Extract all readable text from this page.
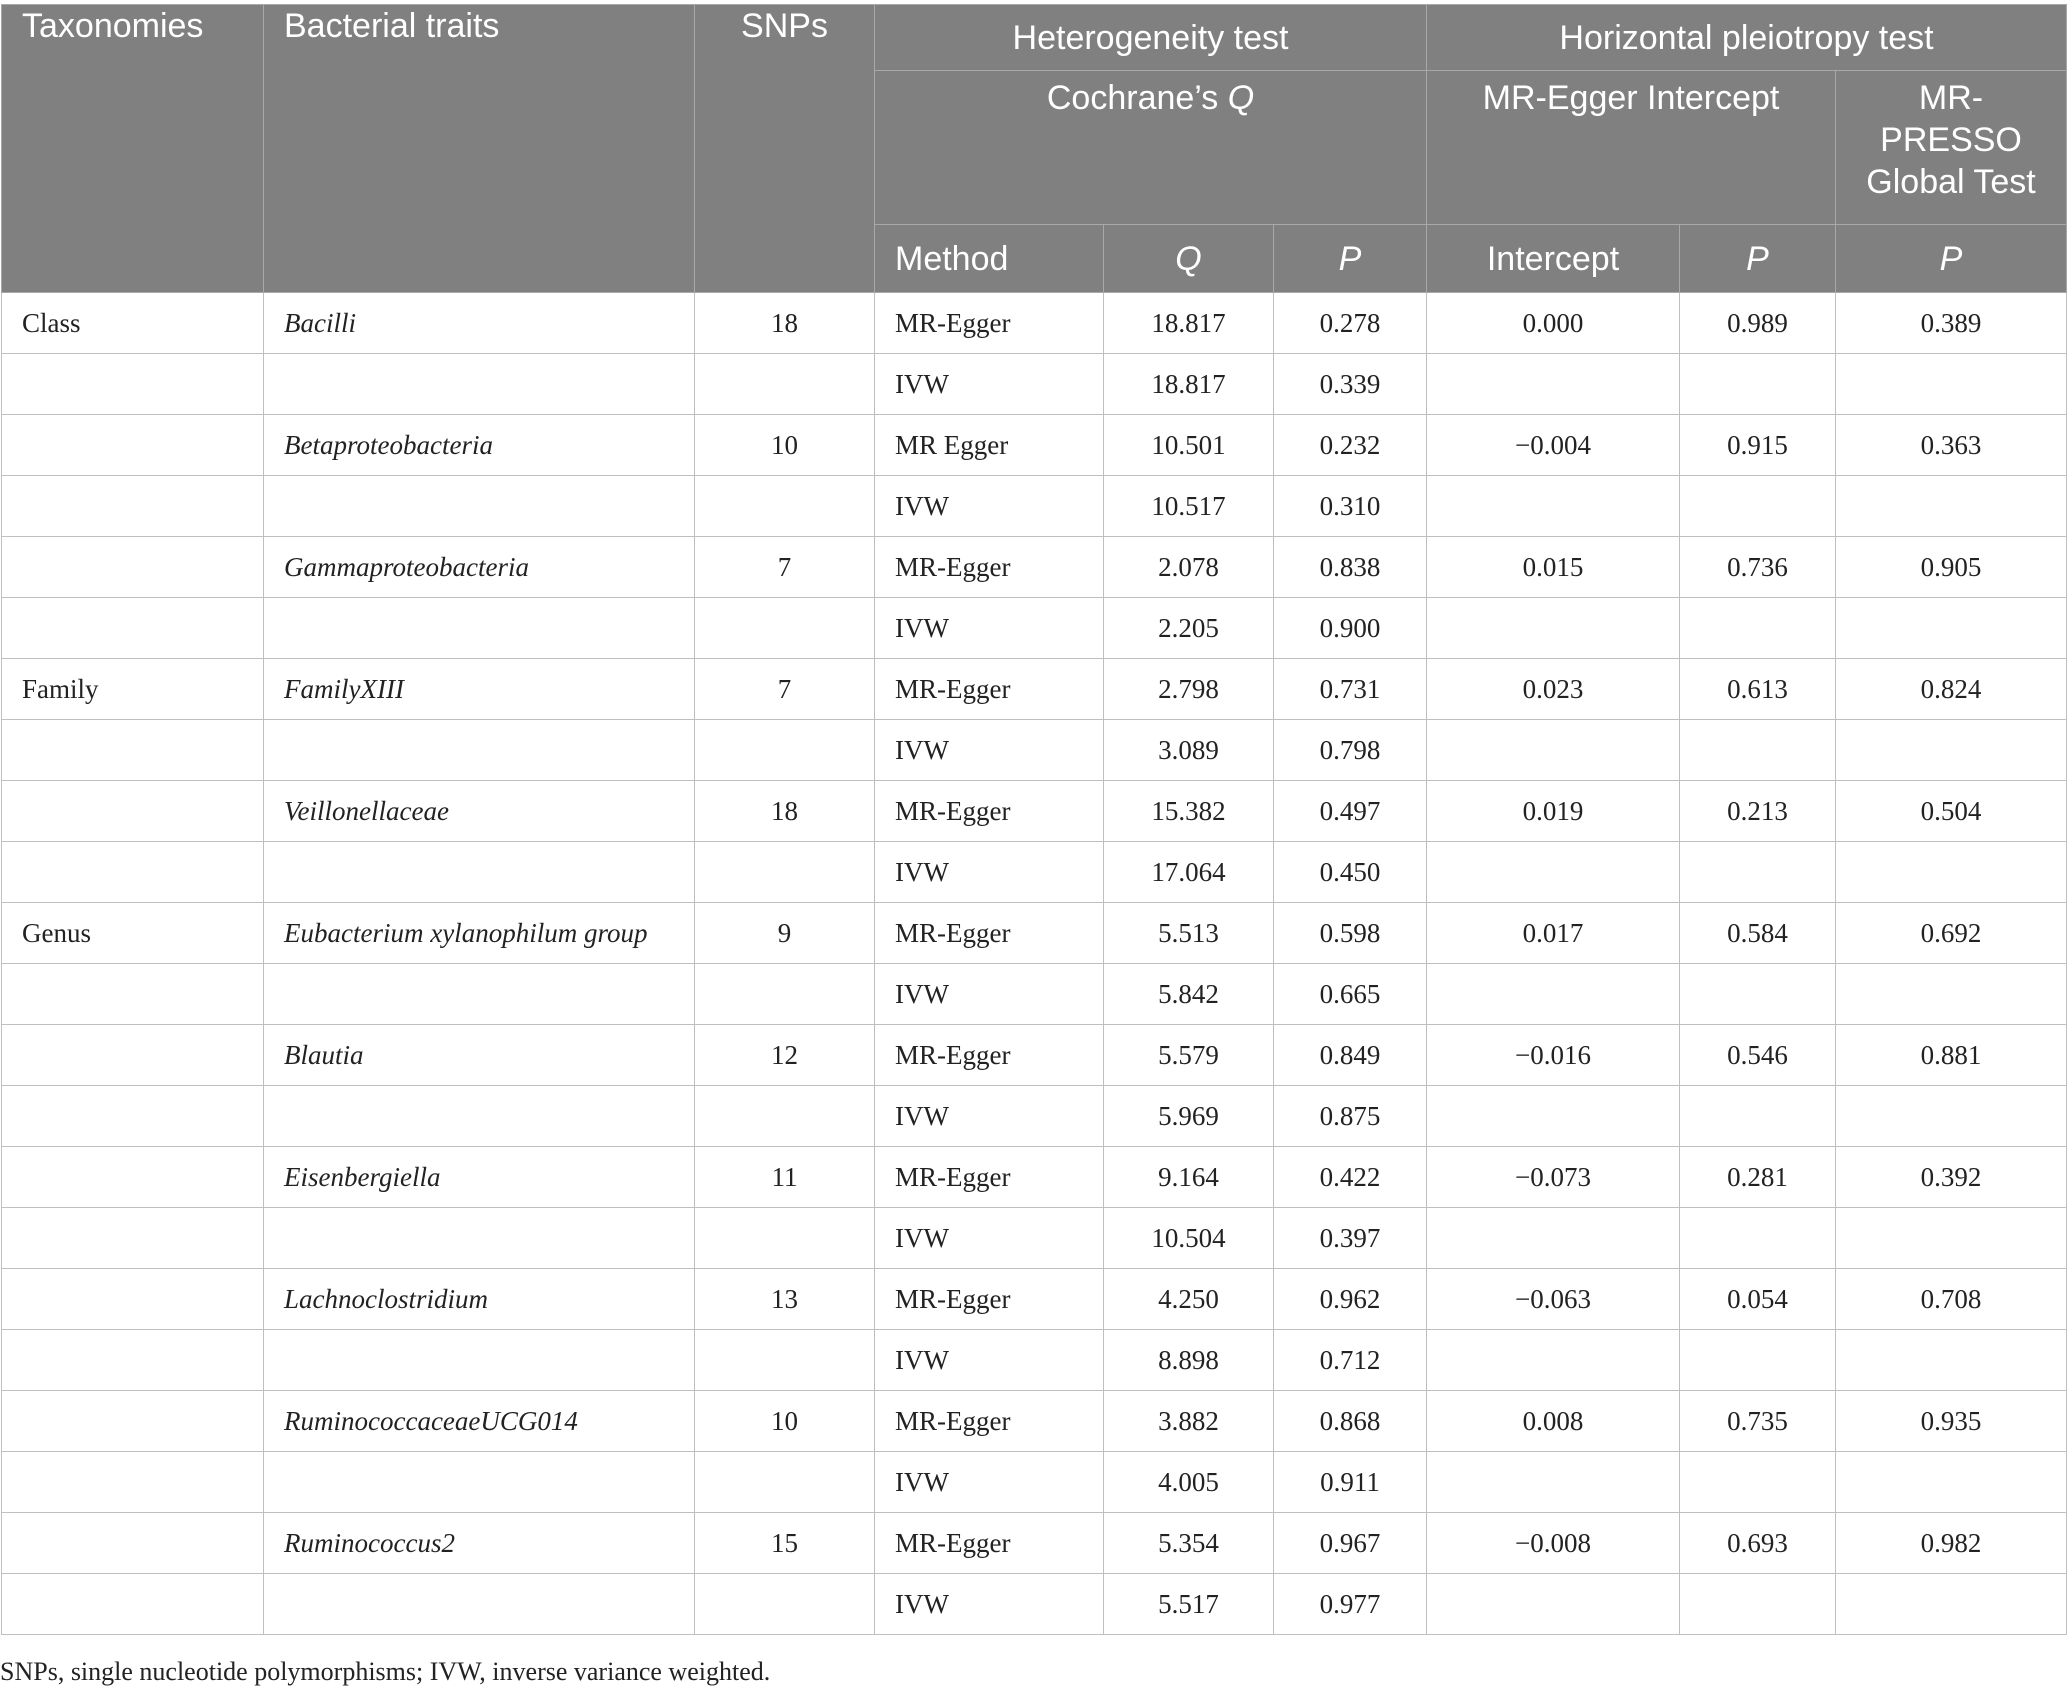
Taxonomies	Bacterial traits	SNPs	Heterogeneity test			Horizontal pleiotropy test		
			Cochrane’s Q			MR-Egger Intercept		MR-PRESSO Global Test
			Method	Q	P	Intercept	P	P
Class	Bacilli	18	MR-Egger	18.817	0.278	0.000	0.989	0.389
			IVW	18.817	0.339			
	Betaproteobacteria	10	MR Egger	10.501	0.232	−0.004	0.915	0.363
			IVW	10.517	0.310			
	Gammaproteobacteria	7	MR-Egger	2.078	0.838	0.015	0.736	0.905
			IVW	2.205	0.900			
Family	FamilyXIII	7	MR-Egger	2.798	0.731	0.023	0.613	0.824
			IVW	3.089	0.798			
	Veillonellaceae	18	MR-Egger	15.382	0.497	0.019	0.213	0.504
			IVW	17.064	0.450			
Genus	Eubacterium xylanophilum group	9	MR-Egger	5.513	0.598	0.017	0.584	0.692
			IVW	5.842	0.665			
	Blautia	12	MR-Egger	5.579	0.849	−0.016	0.546	0.881
			IVW	5.969	0.875			
	Eisenbergiella	11	MR-Egger	9.164	0.422	−0.073	0.281	0.392
			IVW	10.504	0.397			
	Lachnoclostridium	13	MR-Egger	4.250	0.962	−0.063	0.054	0.708
			IVW	8.898	0.712			
	RuminococcaceaeUCG014	10	MR-Egger	3.882	0.868	0.008	0.735	0.935
			IVW	4.005	0.911			
	Ruminococcus2	15	MR-Egger	5.354	0.967	−0.008	0.693	0.982
			IVW	5.517	0.977			

SNPs, single nucleotide polymorphisms; IVW, inverse variance weighted.
